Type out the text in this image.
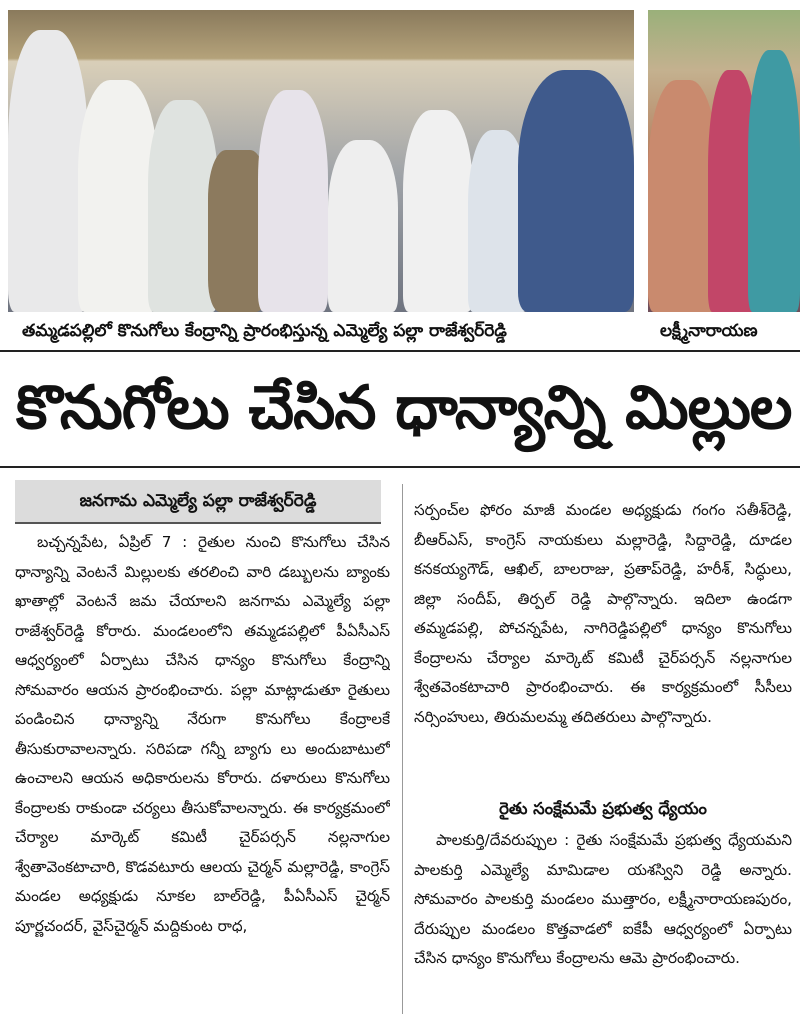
తమ్మడపల్లిలో కొనుగోలు కేంద్రాన్ని ప్రారంభిస్తున్న ఎమ్మెల్యే పల్లా రాజేశ్వర్‌రెడ్డి	లక్ష్మీనారాయణ
కొనుగోలు చేసిన ధాన్యాన్ని మిల్లుల
జనగామ ఎమ్మెల్యే పల్లా రాజేశ్వర్‌రెడ్డి
బచ్చన్నపేట, ఏప్రిల్ 7 : రైతుల నుంచి కొనుగోలు చేసిన ధాన్యాన్ని వెంటనే మిల్లులకు తరలించి వారి డబ్బులను బ్యాంకు ఖాతాల్లో వెంటనే జమ చేయాలని జనగామ ఎమ్మెల్యే పల్లా రాజేశ్వర్‌రెడ్డి కోరారు. మండలంలోని తమ్మడపల్లిలో పీఏసీఎస్ ఆధ్వర్యంలో ఏర్పాటు చేసిన ధాన్యం కొనుగోలు కేంద్రాన్ని సోమవారం ఆయన ప్రారంభించారు. పల్లా మాట్లాడుతూ రైతులు పండించిన ధాన్యాన్ని నేరుగా కొనుగోలు కేంద్రాలకే తీసుకురావాలన్నారు. సరిపడా గన్నీ బ్యాగు లు అందుబాటులో ఉంచాలని ఆయన అధికారులను కోరారు. దళారులు కొనుగోలు కేంద్రాలకు రాకుండా చర్యలు తీసుకోవాలన్నారు. ఈ కార్యక్రమంలో చేర్యాల మార్కెట్ కమిటీ చైర్‌పర్సన్ నల్లనాగుల శ్వేతావెంకటాచారి, కొడవటూరు ఆలయ చైర్మన్ మల్లారెడ్డి, కాంగ్రెస్ మండల అధ్యక్షుడు నూకల బాల్‌రెడ్డి, పీఏసీఎస్ చైర్మన్ పూర్ణచందర్, వైస్‌చైర్మన్ మద్దికుంట రాధ,
సర్పంచ్‌ల ఫోరం మాజీ మండల అధ్యక్షుడు గంగం సతీశ్‌రెడ్డి, బీఆర్‌ఎస్, కాంగ్రెస్ నాయకులు మల్లారెడ్డి, సిద్దారెడ్డి, దూడల కనకయ్యగౌడ్, ఆఖిల్, బాలరాజు, ప్రతాప్‌రెడ్డి, హరీశ్, సిద్ధులు, జిల్లా సందీప్, తిర్పల్ రెడ్డి పాల్గొన్నారు. ఇదిలా ఉండగా తమ్మడపల్లి, పోచన్నపేట, నాగిరెడ్డిపల్లిలో ధాన్యం కొనుగోలు కేంద్రాలను చేర్యాల మార్కెట్ కమిటీ చైర్‌పర్సన్ నల్లనాగుల శ్వేతవెంకటాచారి ప్రారంభించారు. ఈ కార్యక్రమంలో సీసీలు నర్సింహులు, తిరుమలమ్మ తదితరులు పాల్గొన్నారు.
రైతు సంక్షేమమే ప్రభుత్వ ధ్యేయం
పాలకుర్తి/దేవరుప్పుల : రైతు సంక్షేమమే ప్రభుత్వ ధ్యేయమని పాలకుర్తి ఎమ్మెల్యే మామిడాల యశస్విని రెడ్డి అన్నారు. సోమవారం పాలకుర్తి మండలం ముత్తారం, లక్ష్మీనారాయణపురం, దేరుప్పుల మండలం కొత్తవాడలో ఐకేపీ ఆధ్వర్యంలో ఏర్పాటు చేసిన ధాన్యం కొనుగోలు కేంద్రాలను ఆమె ప్రారంభించారు.
